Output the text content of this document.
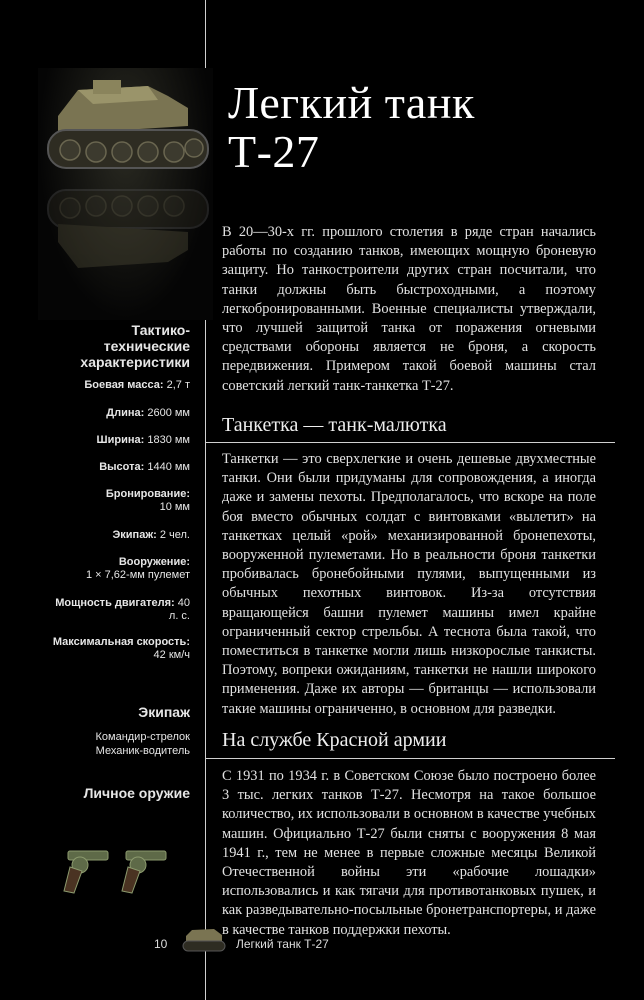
Легкий танк
Т-27

В 20—30-х гг. прошлого столетия в ряде стран начались работы по созданию танков, имеющих мощную броневую защиту. Но танкостроители других стран посчитали, что танки должны быть быстроходными, а поэтому легкобронированными. Военные специалисты утверждали, что лучшей защитой танка от поражения огневыми средствами обороны является не броня, а скорость передвижения. Примером такой боевой машины стал советский легкий танк-танкетка Т-27.

Танкетка — танк-малютка

Танкетки — это сверхлегкие и очень дешевые двухместные танки. Они были придуманы для сопровождения, а иногда даже и замены пехоты. Предполагалось, что вскоре на поле боя вместо обычных солдат с винтовками «вылетит» на танкетках целый «рой» механизированной бронепехоты, вооруженной пулеметами. Но в реальности броня танкетки пробивалась бронебойными пулями, выпущенными из обычных пехотных винтовок. Из-за отсутствия вращающейся башни пулемет машины имел крайне ограниченный сектор стрельбы. А теснота была такой, что поместиться в танкетке могли лишь низкорослые танкисты. Поэтому, вопреки ожиданиям, танкетки не нашли широкого применения. Даже их авторы — британцы — использовали такие машины ограниченно, в основном для разведки.

На службе Красной армии

С 1931 по 1934 г. в Советском Союзе было построено более 3 тыс. легких танков Т-27. Несмотря на такое большое количество, их использовали в основном в качестве учебных машин. Официально Т-27 были сняты с вооружения 8 мая 1941 г., тем не менее в первые сложные месяцы Великой Отечественной войны эти «рабочие лошадки» использовались и как тягачи для противотанковых пушек, и как разведывательно-посыльные бронетранспортеры, и даже в качестве танков поддержки пехоты.

Тактико-технические характеристики
Боевая масса: 2,7 т
Длина: 2600 мм
Ширина: 1830 мм
Высота: 1440 мм
Бронирование:
10 мм
Экипаж: 2 чел.
Вооружение:
1 × 7,62-мм пулемет
Мощность двигателя: 40 л. с.
Максимальная скорость: 42 км/ч
Экипаж
Командир-стрелок
Механик-водитель
Личное оружие
10	Легкий танк Т-27
